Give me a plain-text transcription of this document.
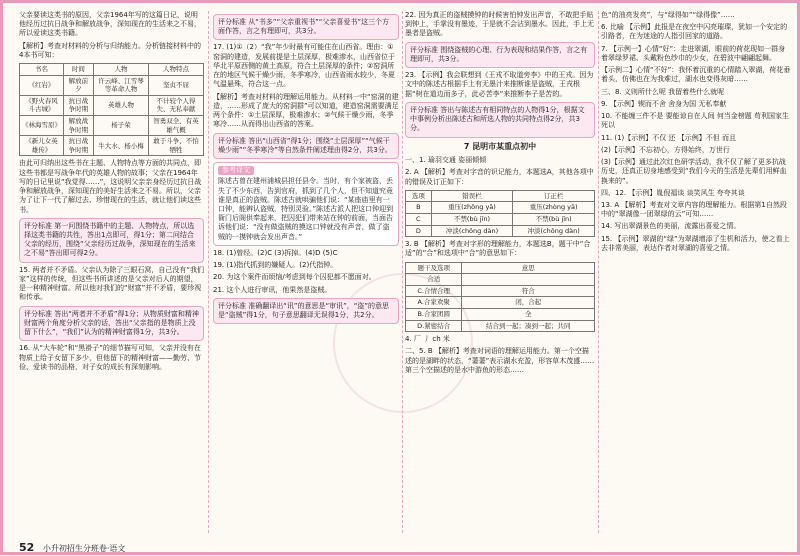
父亲要读这类书的原因，父亲1964年写的这篇日记，说明他经历过抗日战争和解放战争，深知现在的生活来之不易，所以爱读这类书籍。
【解析】考查对材料的分析与归纳能力。分析链接材料中的4本书可知：
书名	时间	人物	人物特点
《红岩》	解放前夕	许云峰、江雪琴等革命人物	坚贞不屈
《野火春风斗古城》	抗日战争时期	英雄人物	不计较个人得失、无私奉献
《林海雪原》	解放战争时期	杨子荣	智勇双全、有英雄气概
《新儿女英雄传》	抗日战争时期	牛大水、杨小梅	敢于斗争、不怕牺牲
由此可归纳出这些书在主题、人物特点等方面的共同点，即这些书都是写战争年代的英雄人物的故事；父亲在1964年写的日记里说“我觉得……”，这说明父亲亲身经历过抗日战争和解放战争，深知现在的美好生活来之不易。所以，父亲为了让下一代了解过去、珍惜现在的生活，就让他们读这些书。
评分标准 第一问围绕书籍中的主题、人物特点，所以选择这类书籍的共性，答出1点即可，得1分；第二问结合父亲的经历，围绕“父亲经历过战争，深知现在的生活来之不易”答出即可得2分。
15. 两者并不矛盾。父亲认为除了三眼石窝，自己没有“我们家”这样的传统，但这些书所讲述的是父亲对后人的期望，是一种精神财富。所以他对我们的“财富”并不矛盾，要珍视和传承。
评分标准 答出“两者并不矛盾”得1分；从物质财富和精神财富两个角度分析父亲的话，答出“父亲指的是物质上没留下什么”，“我们”认为的精神财富得1分，共3分。
16. 从“大车轮”和“黑褂子”的细节描写可知，父亲并没有在物质上给子女留下多少，但他留下的精神财富——勤劳、节俭、爱读书的品格，对子女的成长有深刻影响。
评分标准 从“书多”“父亲重视书”“父亲喜爱书”这三个方面作答，言之有理即可，共3分。
17. (1)①（2）“我”年少时最有可能住在山西省。理由：①窑洞的建造，发展前提是土层深厚，极难渗水，山西省位于华北平原西侧的黄土高原，符合土层深厚的条件；②窑洞所在的地区气候干燥少雨，冬季寒冷，山西省雨水较少，冬夏气温悬殊，符合这一点。
【解析】考查对材料的理解运用能力。从材料一中“窑洞的建造，……形成了庞大的窑洞群”可以知道，建造窑洞需要满足两个条件：①土层深厚，极难渗水；②气候干燥少雨，冬季寒冷……从而得出山西省的答案。
评分标准 答出“山西省”得1分；围绕“土层深厚”“气候干燥少雨”“冬季寒冷”等自然条件阐述理由得2分，共3分。
参考译文
陈述古曾在建州浦城县担任县令。当时，有个家被盗，丢失了不少东西，告到官府，抓到了几个人，但不知道究竟谁是真正的盗贼。陈述古就哄骗他们说：“某座庙里有一口钟，能辨认盗贼，特别灵验。”陈述古派人把这口钟迎到衙门后阁供奉起来，把囚犯们带来站在钟的前面，当面告诉他们说：“没有做盗贼的摸这口钟就没有声音，做了盗贼的一摸钟就会发出声音。”
18. (1)曾经。(2)C (3)拆掉。(4)D (5)C
19. (1)指代抓到的嫌疑人。(2)代指钟。
20. 为这个案件而烦恼/考虑到每个囚犯都不愿面对。
21. 这个人进行审讯，他果然是盗贼。
评分标准 准确翻译出“讯”的意思是“审讯”，“盗”的意思是“盗贼”得1分，句子意思翻译无误得1分，共2分。
22. 因为真正的盗贼摸钟的时候害怕钟发出声音，不敢把手贴到钟上，手掌没有墨迹，于是就不会沾到墨水。因此，手上无墨者是盗贼。
评分标准 围绕盗贼的心理、行为表现和结果作答，言之有理即可，共3分。
23. 【示例】我会联想到《王戎不取道旁李》中的王戎。因为文中的陈述古根据手上有无墨汁来推断谁是盗贼，王戎根据“树在道边而多子，此必苦李”来推断李子是苦的。
评分标准 答出与陈述古有相同特点的人物得1分，根据文中事例分析出陈述古和所选人物的共同特点得2分，共3分。
7 昆明市某重点初中
一、1. 瑜羽交通 姿丽倾倾
2. A 【解析】考查对字音的识记能力，本题选A，其他各项中的错误及订正如下：
选项	错误栏	订正栏
B	重压(zhōng yā)	重压(zhòng yā)
C	不禁(bù jīn)	不禁(bù jīn)
D	冲淡(chōng dàn)	冲淡(chōng dàn)
3. B 【解析】考查对字形的理解能力，本题选B，题干中“合适”的“合”和选项中“合”的意思如下：
题干及选项	意思
合适	
C.合情合理	符合
A.合家欢聚	闭，合起
B.合家团圆	全
D.紧密结合	结合到一起；凑到一起；共同
4. 厂 丿 ch 米
二、5. B 【解析】考查对词语的理解运用能力。第一个空描述的是湖畔的状态，“萋萋”表示湖水充盈，形容草木茂盛……第三个空描述的是水中游鱼的形态……
色“的油亮发亮”，与“绿得如”“绿得像”……
6. 比喻 【示例】此报是在夜空中闪亮璀璨，犹如一个安定的引路者，在为迷途的人指引回家的道路。
7. 【示例一】心情“好”：走进翠湖，眼前的荷花现如一群身着翠绿罗裙、头戴粉色纱巾的少女，在碧波中翩翩起舞。
【示例二】心情“不好”：我怀着沉重的心情踏入翠湖，荷花垂着头，仿佛也在为我难过，湖水也变得灰暗……
三、8. 义则所什么呢 我留着些什么就呢
9. 【示例】锲而不舍 舍身为国 无私奉献
10. 不能缠三件不是 要能谅自在人间 何当金榜题 苟利国家生死以
11. (1)【示例】不仅 还 【示例】不但 而且
(2)【示例】不忘初心，方得始终，万世行
(3)【示例】通过此次红色研学活动，我不仅了解了更多抗战历史，还真正切身地感受到“我们今天的生活是先辈们用鲜血换来的”。
四、12. 【示例】胤倪福谈 谈笑风生 夸夸其谈
13. A 【解析】考查对文章内容的理解能力。根据第1自然段中的“翠湖像一团翠绿的云”可知……
14. 写出翠湖景色的美丽，流露出喜爱之情。
15. 【示例】翠湖的“绿”为翠湖增添了生机和活力，使之看上去非常美丽，表达作者对翠湖的喜爱之情。
52 小升初招生分班卷·语文
